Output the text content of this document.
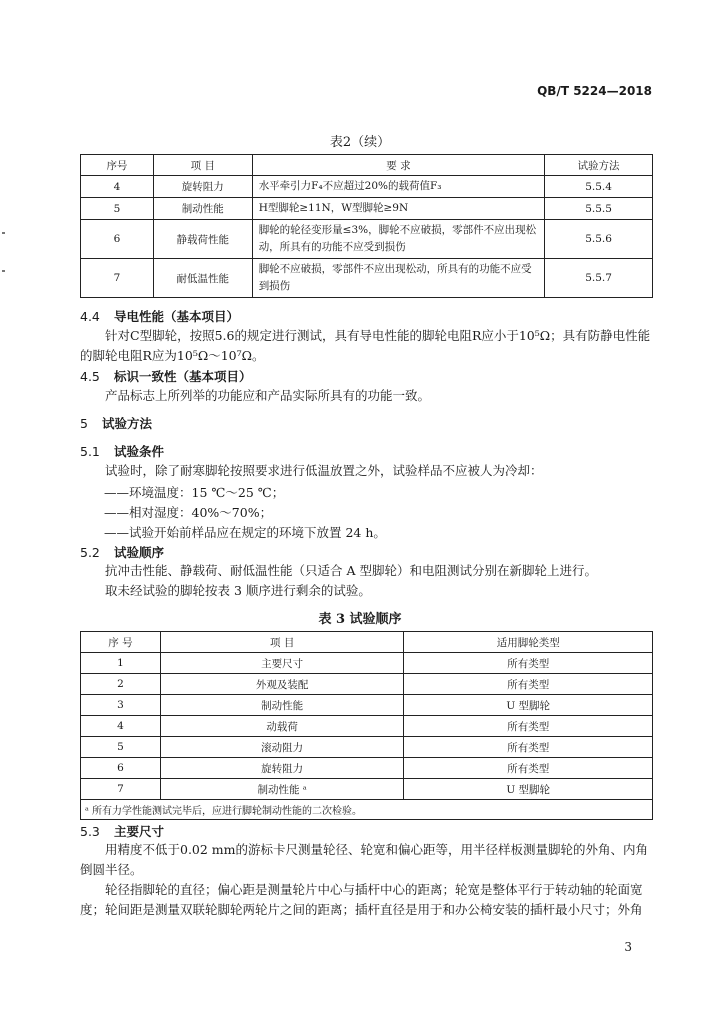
QB/T 5224—2018
表2（续）
序号	项 目	要 求	试验方法
4	旋转阻力	水平牵引力F₄不应超过20%的载荷值F₃	5.5.4
5	制动性能	H型脚轮≥11N，W型脚轮≥9N	5.5.5
6	静载荷性能	脚轮的轮径变形量≤3%，脚轮不应破损，零部件不应出现松动，所具有的功能不应受到损伤	5.5.6
7	耐低温性能	脚轮不应破损，零部件不应出现松动，所具有的功能不应受到损伤	5.5.7
4.4 导电性能（基本项目）
针对C型脚轮，按照5.6的规定进行测试，具有导电性能的脚轮电阻R应小于10⁵Ω；具有防静电性能的脚轮电阻R应为10⁵Ω～10⁷Ω。
4.5 标识一致性（基本项目）
产品标志上所列举的功能应和产品实际所具有的功能一致。
5 试验方法
5.1 试验条件
试验时，除了耐寒脚轮按照要求进行低温放置之外，试验样品不应被人为冷却：
——环境温度：15 ℃～25 ℃；
——相对湿度：40%～70%；
——试验开始前样品应在规定的环境下放置 24 h。
5.2 试验顺序
抗冲击性能、静载荷、耐低温性能（只适合 A 型脚轮）和电阻测试分别在新脚轮上进行。
取未经试验的脚轮按表 3 顺序进行剩余的试验。
表 3 试验顺序
序 号	项 目	适用脚轮类型
1	主要尺寸	所有类型
2	外观及装配	所有类型
3	制动性能	U 型脚轮
4	动载荷	所有类型
5	滚动阻力	所有类型
6	旋转阻力	所有类型
7	制动性能 ᵃ	U 型脚轮
ᵃ 所有力学性能测试完毕后，应进行脚轮制动性能的二次检验。		
5.3 主要尺寸
用精度不低于0.02 mm的游标卡尺测量轮径、轮宽和偏心距等，用半径样板测量脚轮的外角、内角倒圆半径。
轮径指脚轮的直径；偏心距是测量轮片中心与插杆中心的距离；轮宽是整体平行于转动轴的轮面宽度；轮间距是测量双联轮脚轮两轮片之间的距离；插杆直径是用于和办公椅安装的插杆最小尺寸；外角
3
